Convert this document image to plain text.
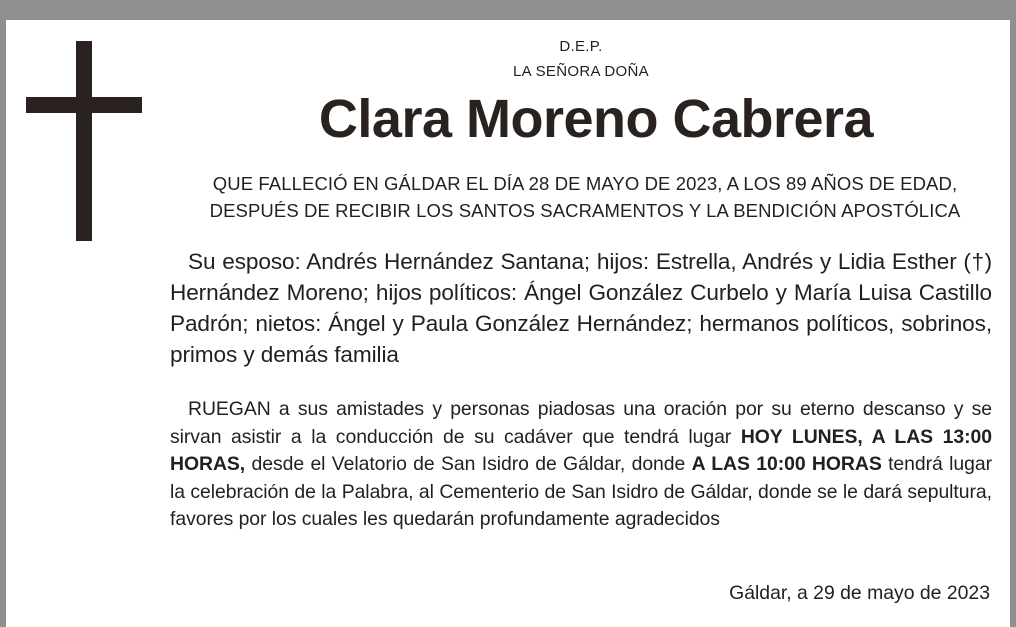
D.E.P.
LA SEÑORA DOÑA
Clara Moreno Cabrera
QUE FALLECIÓ EN GÁLDAR EL DÍA 28 DE MAYO DE 2023, A LOS 89 AÑOS DE EDAD,
DESPUÉS DE RECIBIR LOS SANTOS SACRAMENTOS Y LA BENDICIÓN APOSTÓLICA
Su esposo: Andrés Hernández Santana; hijos: Estrella, Andrés y Lidia Esther (†) Hernández Moreno; hijos políticos: Ángel González Curbelo y María Luisa Castillo Padrón; nietos: Ángel y Paula González Hernández; hermanos políticos, sobrinos, primos y demás familia
RUEGAN a sus amistades y personas piadosas una oración por su eterno descanso y se sirvan asistir a la conducción de su cadáver que tendrá lugar HOY LUNES, A LAS 13:00 HORAS, desde el Velatorio de San Isidro de Gáldar, donde A LAS 10:00 HORAS tendrá lugar la celebración de la Palabra, al Cementerio de San Isidro de Gáldar, donde se le dará sepultura, favores por los cuales les quedarán profundamente agradecidos
Gáldar, a 29 de mayo de 2023
